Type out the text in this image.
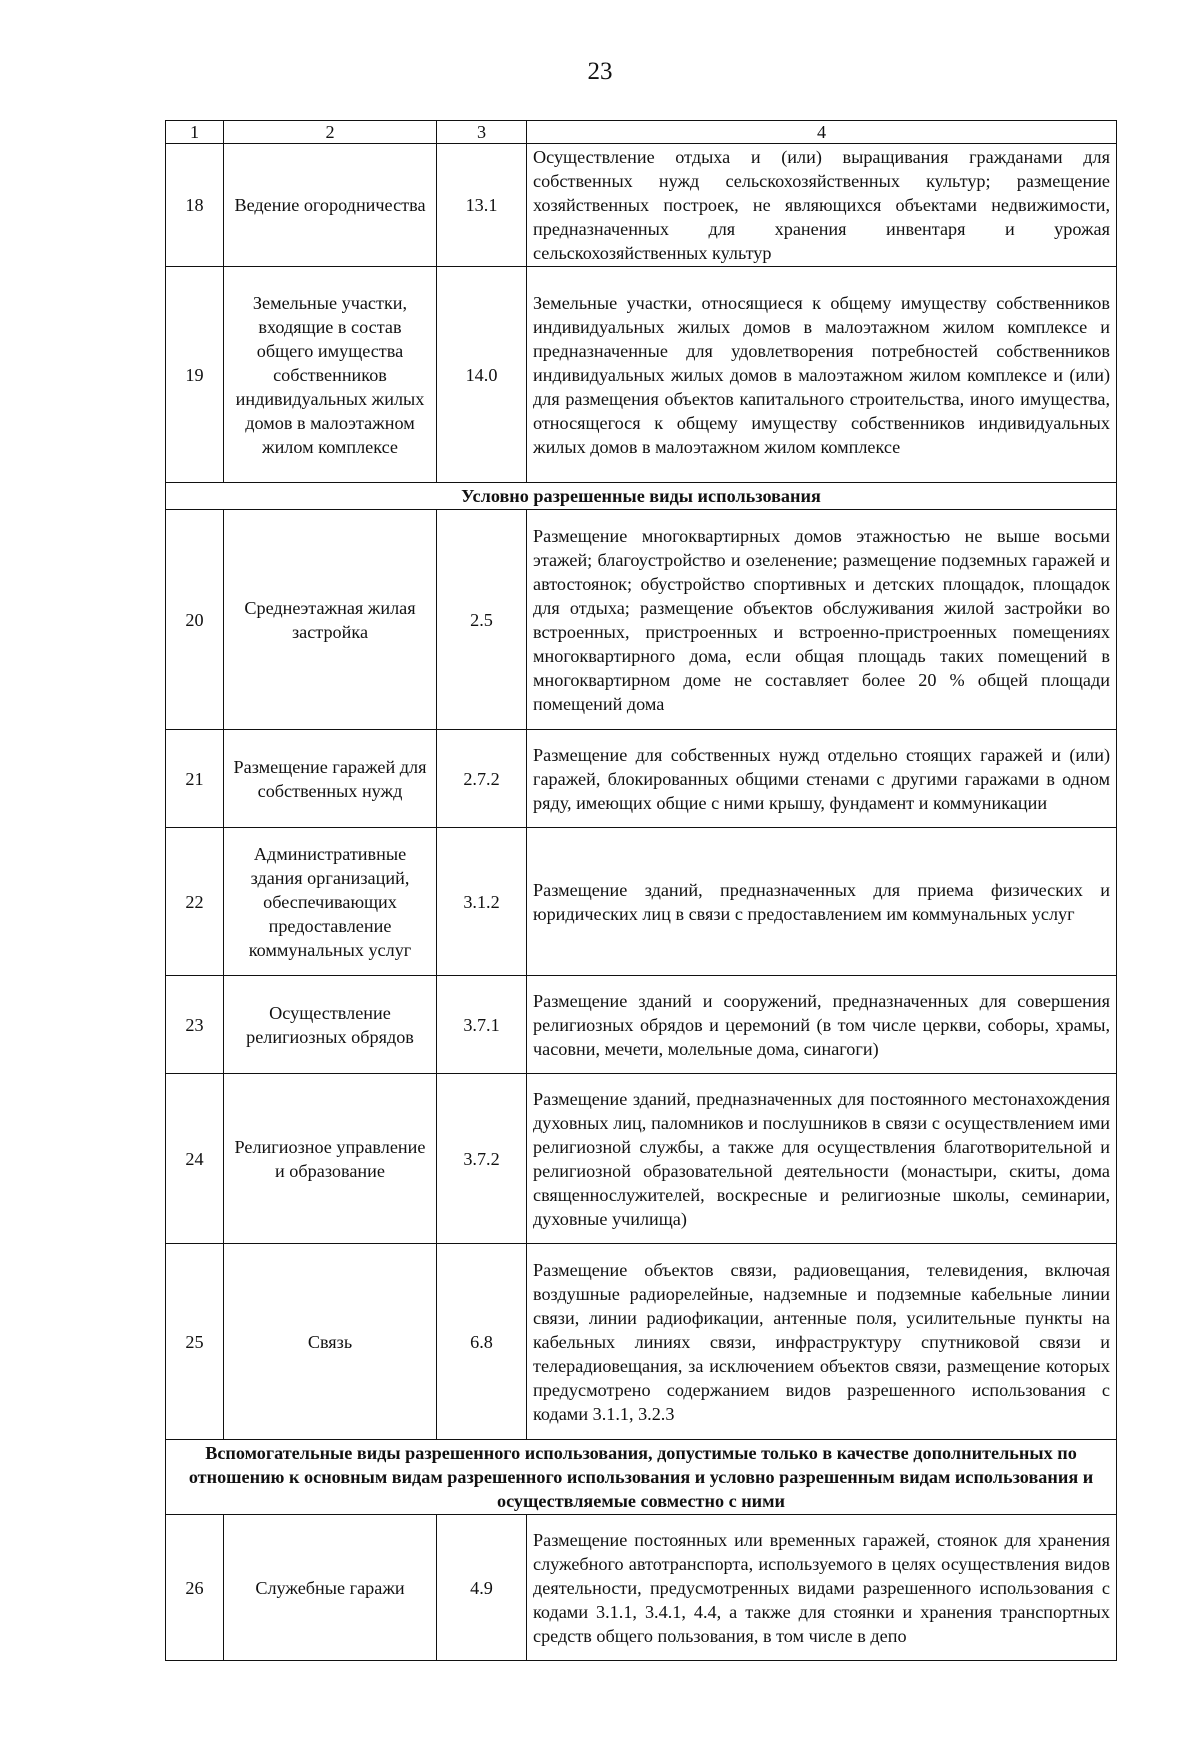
23
1	2	3	4
18	Ведение огородничества	13.1	Осуществление отдыха и (или) выращивания гражданами для собственных нужд сельскохозяйственных культур; размещение хозяйственных построек, не являющихся объектами недвижимости, предназначенных для хранения инвентаря и урожая сельскохозяйственных культур
19	Земельные участки, входящие в состав общего имущества собственников индивидуальных жилых домов в малоэтажном жилом комплексе	14.0	Земельные участки, относящиеся к общему имуществу собственников индивидуальных жилых домов в малоэтажном жилом комплексе и предназначенные для удовлетворения потребностей собственников индивидуальных жилых домов в малоэтажном жилом комплексе и (или) для размещения объектов капитального строительства, иного имущества, относящегося к общему имуществу собственников индивидуальных жилых домов в малоэтажном жилом комплексе
Условно разрешенные виды использования			
20	Среднеэтажная жилая застройка	2.5	Размещение многоквартирных домов этажностью не выше восьми этажей; благоустройство и озеленение; размещение подземных гаражей и автостоянок; обустройство спортивных и детских площадок, площадок для отдыха; размещение объектов обслуживания жилой застройки во встроенных, пристроенных и встроенно-пристроенных помещениях многоквартирного дома, если общая площадь таких помещений в многоквартирном доме не составляет более 20 % общей площади помещений дома
21	Размещение гаражей для собственных нужд	2.7.2	Размещение для собственных нужд отдельно стоящих гаражей и (или) гаражей, блокированных общими стенами с другими гаражами в одном ряду, имеющих общие с ними крышу, фундамент и коммуникации
22	Административные здания организаций, обеспечивающих предоставление коммунальных услуг	3.1.2	Размещение зданий, предназначенных для приема физических и юридических лиц в связи с предоставлением им коммунальных услуг
23	Осуществление религиозных обрядов	3.7.1	Размещение зданий и сооружений, предназначенных для совершения религиозных обрядов и церемоний (в том числе церкви, соборы, храмы, часовни, мечети, молельные дома, синагоги)
24	Религиозное управление и образование	3.7.2	Размещение зданий, предназначенных для постоянного местонахождения духовных лиц, паломников и послушников в связи с осуществлением ими религиозной службы, а также для осуществления благотворительной и религиозной образовательной деятельности (монастыри, скиты, дома священнослужителей, воскресные и религиозные школы, семинарии, духовные училища)
25	Связь	6.8	Размещение объектов связи, радиовещания, телевидения, включая воздушные радиорелейные, надземные и подземные кабельные линии связи, линии радиофикации, антенные поля, усилительные пункты на кабельных линиях связи, инфраструктуру спутниковой связи и телерадиовещания, за исключением объектов связи, размещение которых предусмотрено содержанием видов разрешенного использования с кодами 3.1.1, 3.2.3
Вспомогательные виды разрешенного использования, допустимые только в качестве дополнительных по отношению к основным видам разрешенного использования и условно разрешенным видам использования и осуществляемые совместно с ними			
26	Служебные гаражи	4.9	Размещение постоянных или временных гаражей, стоянок для хранения служебного автотранспорта, используемого в целях осуществления видов деятельности, предусмотренных видами разрешенного использования с кодами 3.1.1, 3.4.1, 4.4, а также для стоянки и хранения транспортных средств общего пользования, в том числе в депо
